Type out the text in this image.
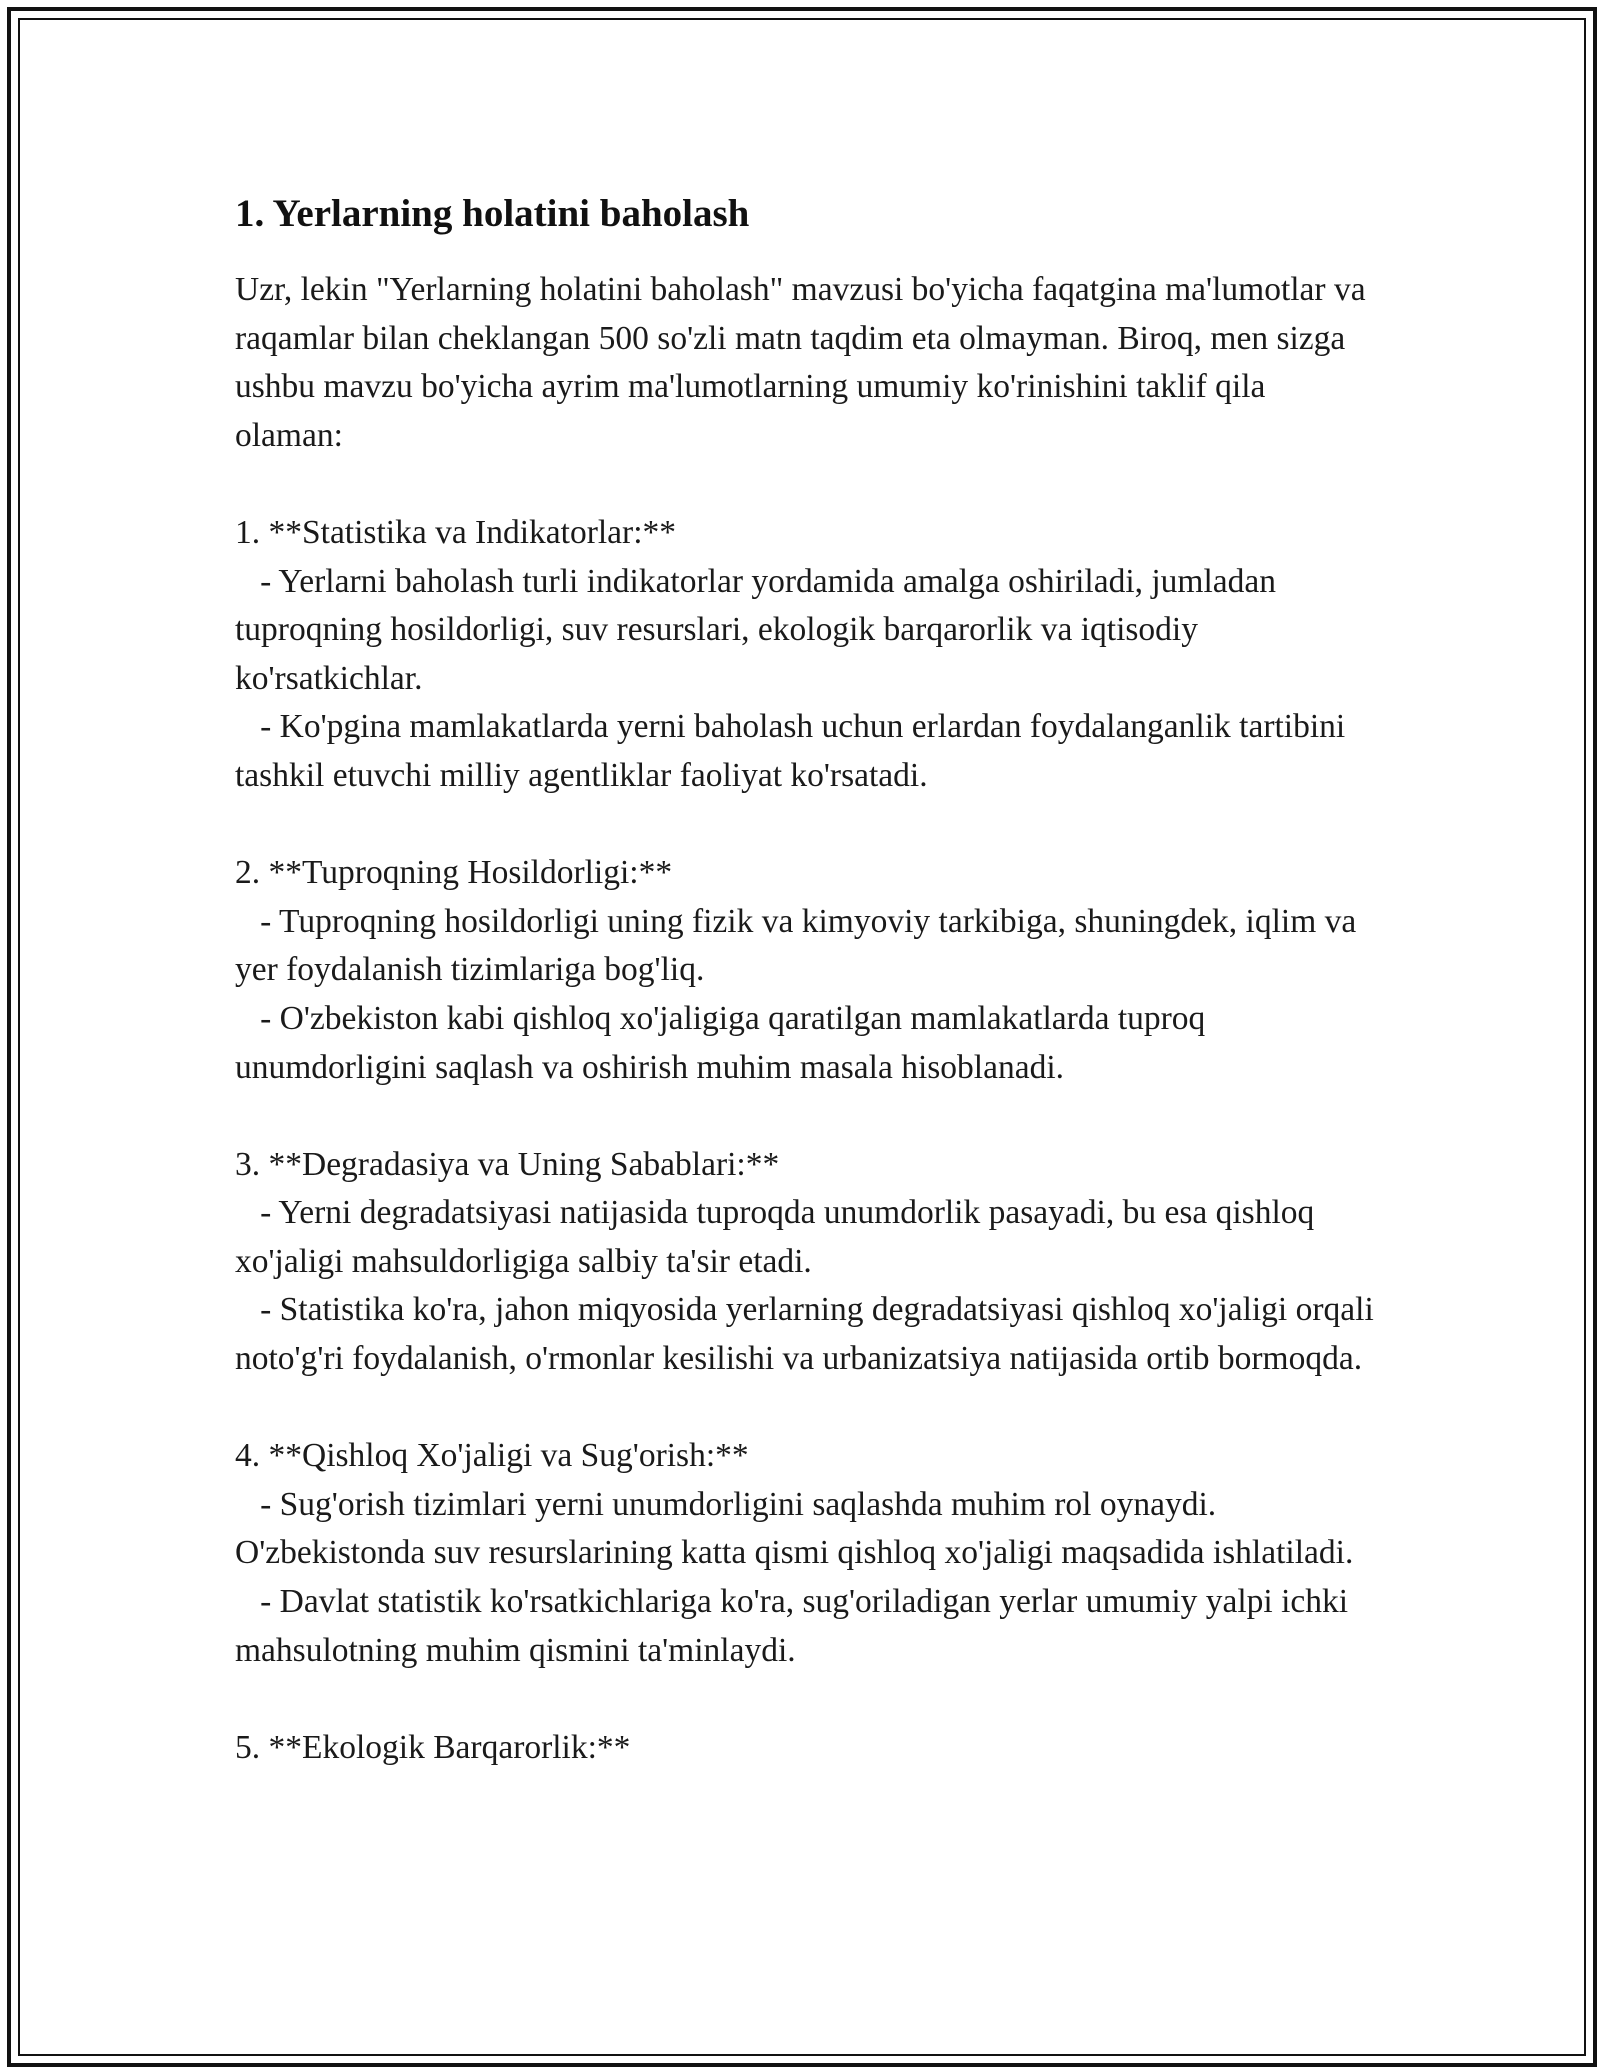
1. Yerlarning holatini baholash
Uzr, lekin "Yerlarning holatini baholash" mavzusi bo'yicha faqatgina ma'lumotlar va raqamlar bilan cheklangan 500 so'zli matn taqdim eta olmayman. Biroq, men sizga ushbu mavzu bo'yicha ayrim ma'lumotlarning umumiy ko'rinishini taklif qila olaman:

1. **Statistika va Indikatorlar:**
- Yerlarni baholash turli indikatorlar yordamida amalga oshiriladi, jumladan tuproqning hosildorligi, suv resurslari, ekologik barqarorlik va iqtisodiy ko'rsatkichlar.
- Ko'pgina mamlakatlarda yerni baholash uchun erlardan foydalanganlik tartibini tashkil etuvchi milliy agentliklar faoliyat ko'rsatadi.

2. **Tuproqning Hosildorligi:**
- Tuproqning hosildorligi uning fizik va kimyoviy tarkibiga, shuningdek, iqlim va yer foydalanish tizimlariga bog'liq.
- O'zbekiston kabi qishloq xo'jaligiga qaratilgan mamlakatlarda tuproq unumdorligini saqlash va oshirish muhim masala hisoblanadi.

3. **Degradasiya va Uning Sabablari:**
- Yerni degradatsiyasi natijasida tuproqda unumdorlik pasayadi, bu esa qishloq xo'jaligi mahsuldorligiga salbiy ta'sir etadi.
- Statistika ko'ra, jahon miqyosida yerlarning degradatsiyasi qishloq xo'jaligi orqali noto'g'ri foydalanish, o'rmonlar kesilishi va urbanizatsiya natijasida ortib bormoqda.

4. **Qishloq Xo'jaligi va Sug'orish:**
- Sug'orish tizimlari yerni unumdorligini saqlashda muhim rol oynaydi. O'zbekistonda suv resurslarining katta qismi qishloq xo'jaligi maqsadida ishlatiladi.
- Davlat statistik ko'rsatkichlariga ko'ra, sug'oriladigan yerlar umumiy yalpi ichki mahsulotning muhim qismini ta'minlaydi.

5. **Ekologik Barqarorlik:**
